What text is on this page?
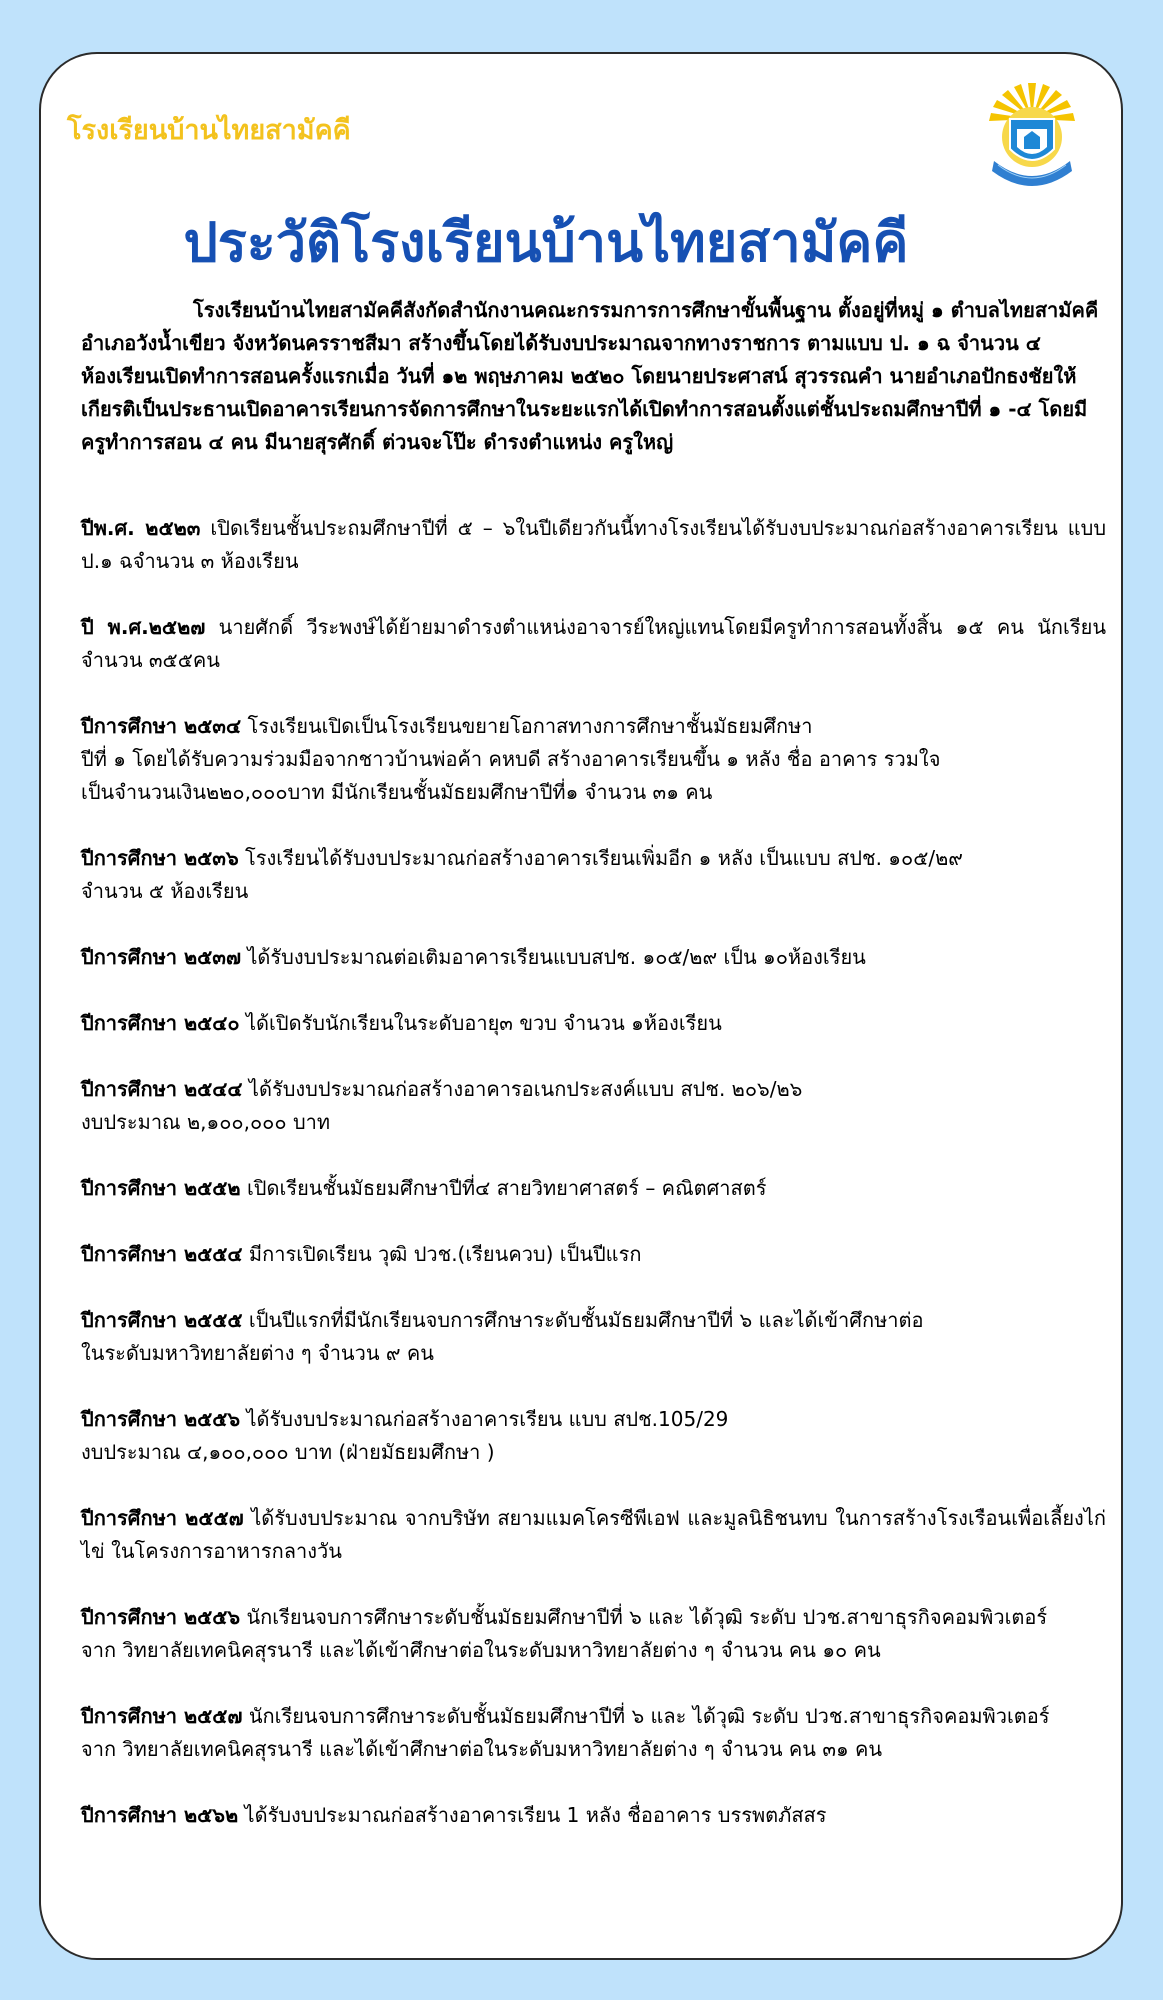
โรงเรียนบ้านไทยสามัคคี

ประวัติโรงเรียนบ้านไทยสามัคคี

โรงเรียนบ้านไทยสามัคคีสังกัดสำนักงานคณะกรรมการการศึกษาขั้นพื้นฐาน ตั้งอยู่ที่หมู่ ๑ ตำบลไทยสามัคคี อำเภอวังน้ำเขียว จังหวัดนครราชสีมา สร้างขึ้นโดยได้รับงบประมาณจากทางราชการ ตามแบบ ป. ๑ ฉ จำนวน ๔ ห้องเรียนเปิดทำการสอนครั้งแรกเมื่อ วันที่ ๑๒ พฤษภาคม ๒๕๒๐ โดยนายประศาสน์ สุวรรณคำ นายอำเภอปักธงชัยให้เกียรติเป็นประธานเปิดอาคารเรียนการจัดการศึกษาในระยะแรกได้เปิดทำการสอนตั้งแต่ชั้นประถมศึกษาปีที่ ๑ -๔ โดยมีครูทำการสอน ๔ คน มีนายสุรศักดิ์ ต่วนจะโป๊ะ ดำรงตำแหน่ง ครูใหญ่

ปีพ.ศ. ๒๕๒๓ เปิดเรียนชั้นประถมศึกษาปีที่ ๕ – ๖ในปีเดียวกันนี้ทางโรงเรียนได้รับงบประมาณก่อสร้างอาคารเรียน แบบ ป.๑ ฉจำนวน ๓ ห้องเรียน
ปี พ.ศ.๒๕๒๗ นายศักดิ์ วีระพงษ์ได้ย้ายมาดำรงตำแหน่งอาจารย์ใหญ่แทนโดยมีครูทำการสอนทั้งสิ้น ๑๕ คน นักเรียน จำนวน ๓๕๕คน
ปีการศึกษา ๒๕๓๔ โรงเรียนเปิดเป็นโรงเรียนขยายโอกาสทางการศึกษาชั้นมัธยมศึกษา
ปีที่ ๑ โดยได้รับความร่วมมือจากชาวบ้านพ่อค้า คหบดี สร้างอาคารเรียนขึ้น ๑ หลัง ชื่อ อาคาร รวมใจ
เป็นจำนวนเงิน๒๒๐,๐๐๐บาท มีนักเรียนชั้นมัธยมศึกษาปีที่๑ จำนวน ๓๑ คน
ปีการศึกษา ๒๕๓๖ โรงเรียนได้รับงบประมาณก่อสร้างอาคารเรียนเพิ่มอีก ๑ หลัง เป็นแบบ สปช. ๑๐๕/๒๙
จำนวน ๕ ห้องเรียน
ปีการศึกษา ๒๕๓๗ ได้รับงบประมาณต่อเติมอาคารเรียนแบบสปช. ๑๐๕/๒๙ เป็น ๑๐ห้องเรียน
ปีการศึกษา ๒๕๔๐ ได้เปิดรับนักเรียนในระดับอายุ๓ ขวบ จำนวน ๑ห้องเรียน
ปีการศึกษา ๒๕๔๔ ได้รับงบประมาณก่อสร้างอาคารอเนกประสงค์แบบ สปช. ๒๐๖/๒๖
งบประมาณ ๒,๑๐๐,๐๐๐ บาท
ปีการศึกษา ๒๕๕๒ เปิดเรียนชั้นมัธยมศึกษาปีที่๔ สายวิทยาศาสตร์ – คณิตศาสตร์
ปีการศึกษา ๒๕๕๔ มีการเปิดเรียน วุฒิ ปวช.(เรียนควบ) เป็นปีแรก
ปีการศึกษา ๒๕๕๕ เป็นปีแรกที่มีนักเรียนจบการศึกษาระดับชั้นมัธยมศึกษาปีที่ ๖ และได้เข้าศึกษาต่อ
ในระดับมหาวิทยาลัยต่าง ๆ จำนวน ๙ คน
ปีการศึกษา ๒๕๕๖ ได้รับงบประมาณก่อสร้างอาคารเรียน แบบ สปช.105/29
งบประมาณ ๔,๑๐๐,๐๐๐ บาท (ฝ่ายมัธยมศึกษา )
ปีการศึกษา ๒๕๕๗ ได้รับงบประมาณ จากบริษัท สยามแมคโครซีพีเอฟ และมูลนิธิชนทบ ในการสร้างโรงเรือนเพื่อเลี้ยงไก่ไข่ ในโครงการอาหารกลางวัน
ปีการศึกษา ๒๕๕๖ นักเรียนจบการศึกษาระดับชั้นมัธยมศึกษาปีที่ ๖ และ ได้วุฒิ ระดับ ปวช.สาขาธุรกิจคอมพิวเตอร์
จาก วิทยาลัยเทคนิคสุรนารี และได้เข้าศึกษาต่อในระดับมหาวิทยาลัยต่าง ๆ จำนวน คน ๑๐ คน
ปีการศึกษา ๒๕๕๗ นักเรียนจบการศึกษาระดับชั้นมัธยมศึกษาปีที่ ๖ และ ได้วุฒิ ระดับ ปวช.สาขาธุรกิจคอมพิวเตอร์
จาก วิทยาลัยเทคนิคสุรนารี และได้เข้าศึกษาต่อในระดับมหาวิทยาลัยต่าง ๆ จำนวน คน ๓๑ คน
ปีการศึกษา ๒๕๖๒ ได้รับงบประมาณก่อสร้างอาคารเรียน 1 หลัง ชื่ออาคาร บรรพตภัสสร
